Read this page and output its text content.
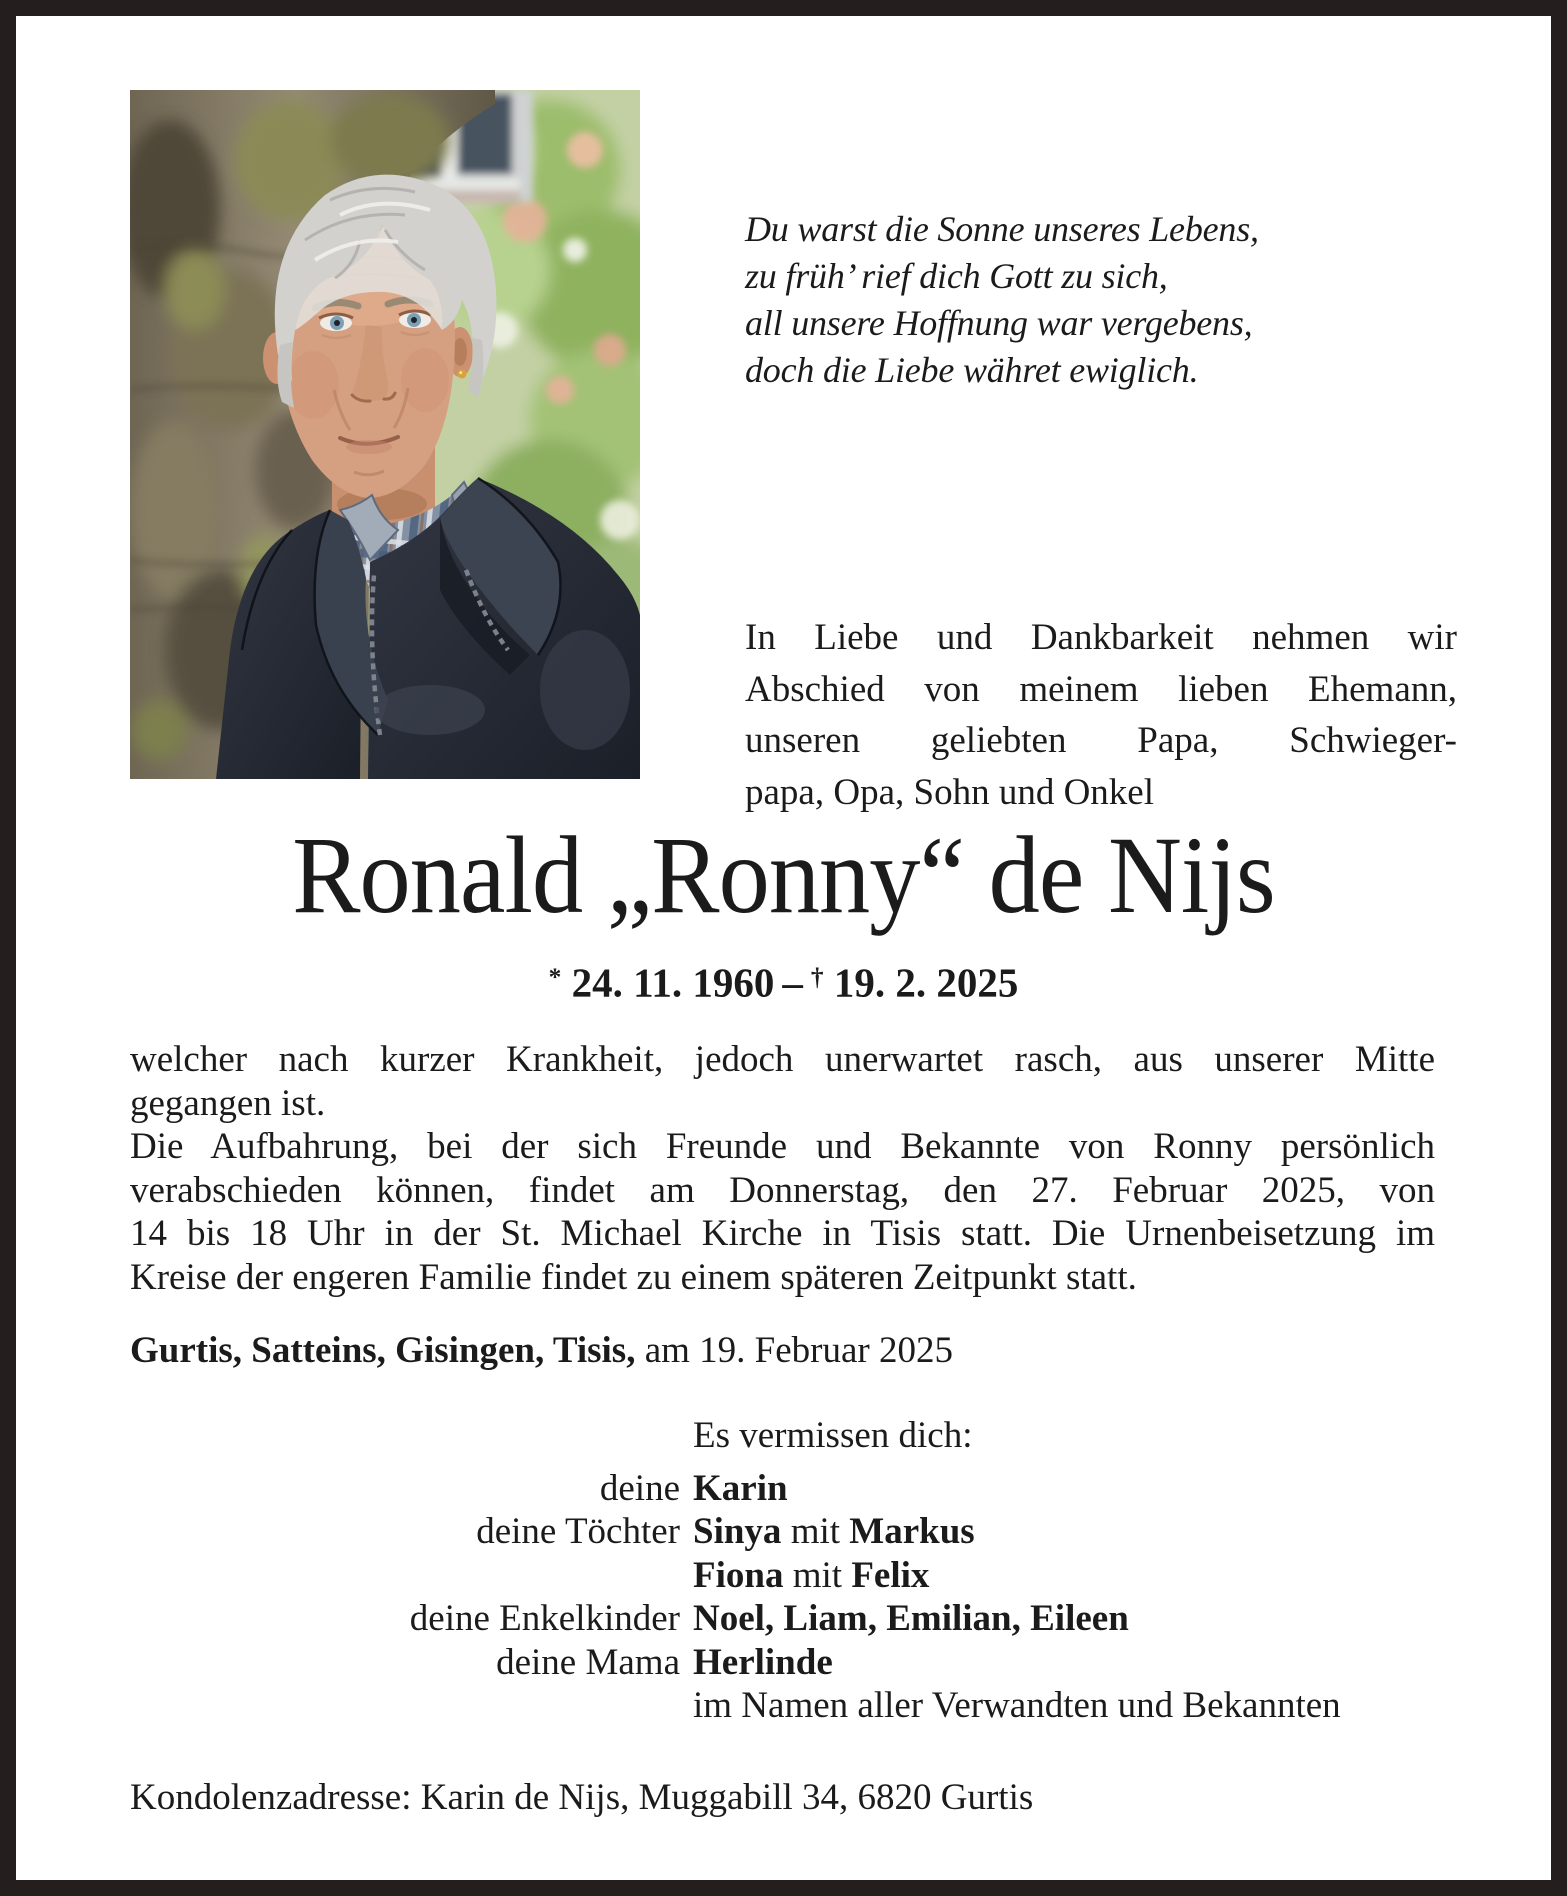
Du warst die Sonne unseres Lebens,
zu früh’ rief dich Gott zu sich,
all unsere Hoffnung war vergebens,
doch die Liebe währet ewiglich.
In Liebe und Dankbarkeit nehmen wir
Abschied von meinem lieben Ehemann,
unseren geliebten Papa, Schwieger-
papa, Opa, Sohn und Onkel
Ronald „Ronny“ de Nijs
* 24. 11. 1960 – † 19. 2. 2025
welcher nach kurzer Krankheit, jedoch unerwartet rasch, aus unserer Mitte
gegangen ist.
Die Aufbahrung, bei der sich Freunde und Bekannte von Ronny persönlich
verabschieden können, findet am Donnerstag, den 27. Februar 2025, von
14 bis 18 Uhr in der St. Michael Kirche in Tisis statt. Die Urnenbeisetzung im
Kreise der engeren Familie findet zu einem späteren Zeitpunkt statt.
Gurtis, Satteins, Gisingen, Tisis, am 19. Februar 2025
Es vermissen dich:
deine Karin
deine Töchter Sinya mit Markus
Fiona mit Felix
deine Enkelkinder Noel, Liam, Emilian, Eileen
deine Mama Herlinde
im Namen aller Verwandten und Bekannten
Kondolenzadresse: Karin de Nijs, Muggabill 34, 6820 Gurtis
